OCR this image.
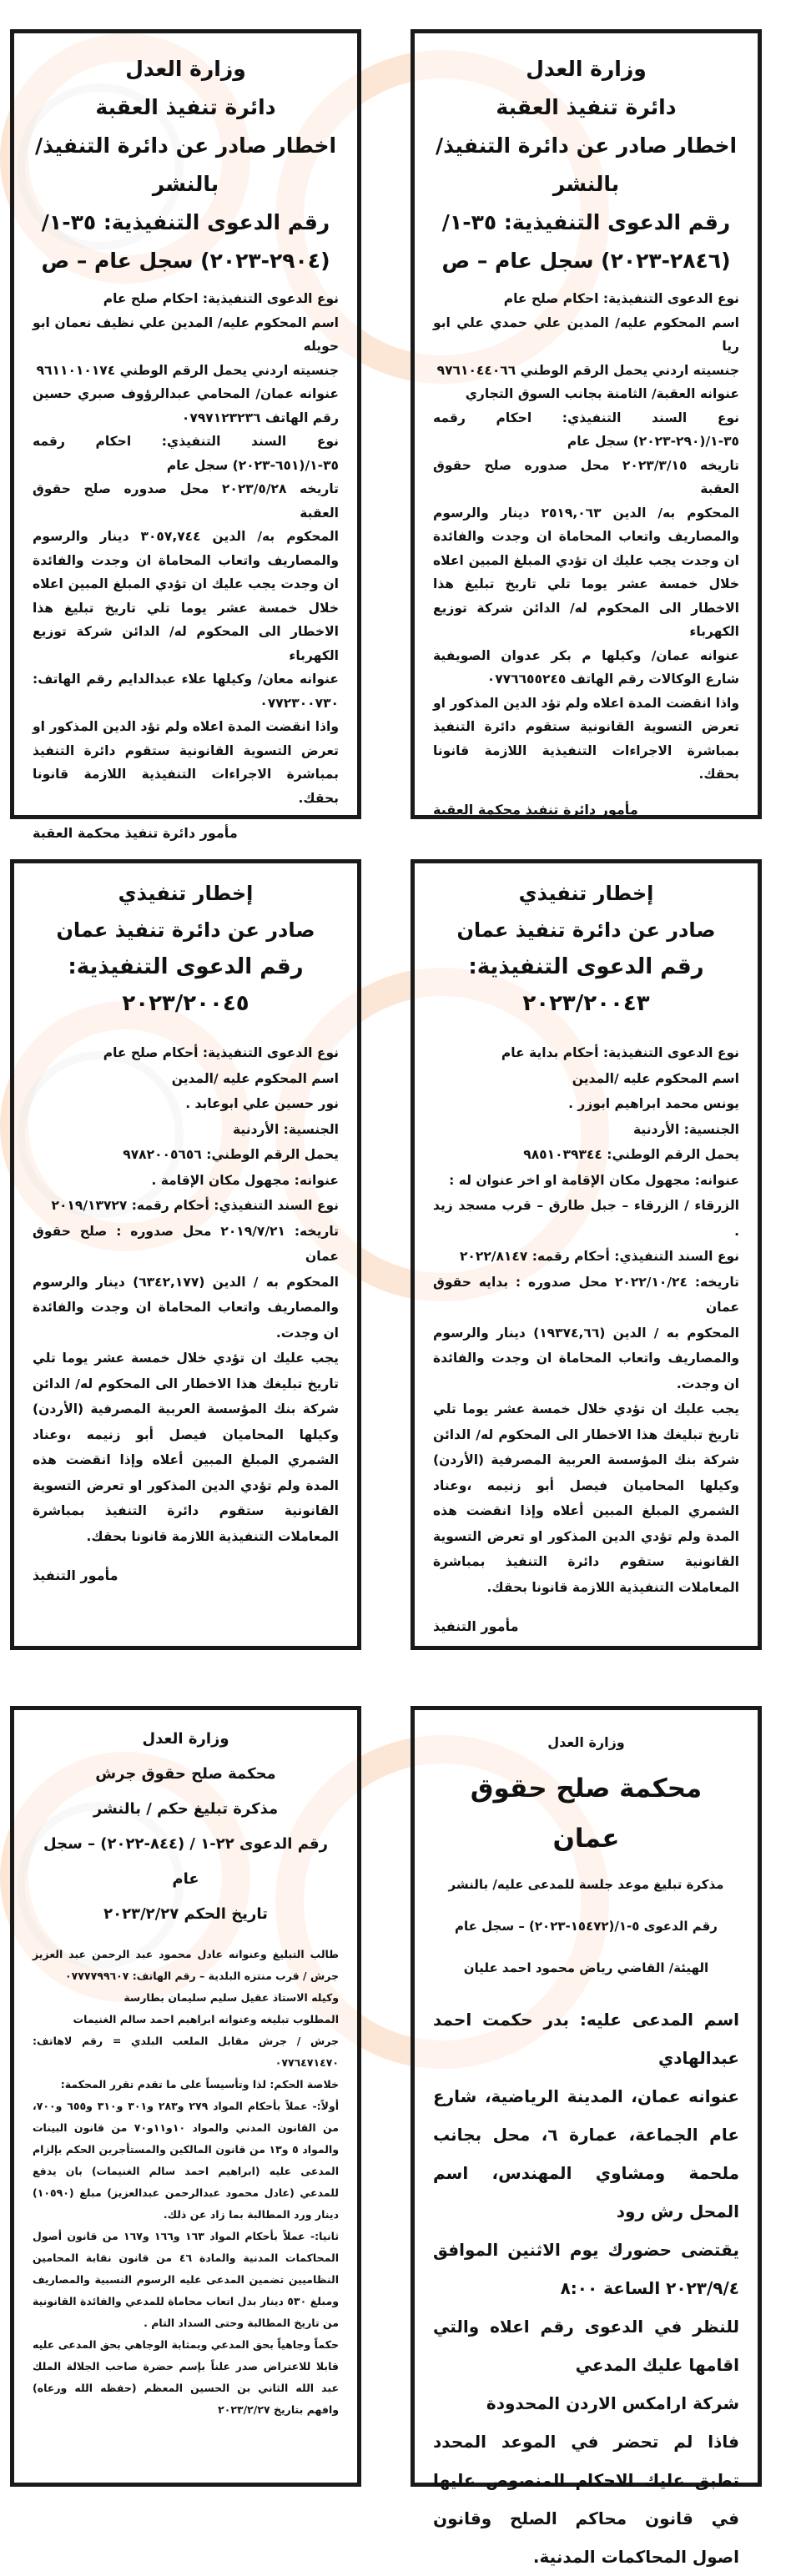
وزارة العدل

دائرة تنفيذ العقبة

اخطار صادر عن دائرة التنفيذ/ بالنشر

رقم الدعوى التنفيذية: ٣٥-١/

(٢٨٤٦-٢٠٢٣) سجل عام – ص

نوع الدعوى التنفيذية: احكام صلح عام

اسم المحكوم عليه/ المدين علي حمدي علي ابو ريا

جنسيته اردني يحمل الرقم الوطني ٩٧٦١٠٤٤٠٦٦

عنوانه العقبة/ الثامنة بجانب السوق التجاري

نوع السند التنفيذي: احكام رقمه ٣٥-١/(٢٩٠-٢٠٢٣) سجل عام

تاريخه ٢٠٢٣/٣/١٥ محل صدوره صلح حقوق العقبة

المحكوم به/ الدين ٢٥١٩,٠٦٣ دينار والرسوم والمصاريف واتعاب المحاماة ان وجدت والفائدة ان وجدت يجب عليك ان تؤدي المبلغ المبين اعلاه خلال خمسة عشر يوما تلي تاريخ تبليغ هذا الاخطار الى المحكوم له/ الدائن شركة توزيع الكهرباء

عنوانه عمان/ وكيلها م بكر عدوان الصويفية شارع الوكالات رقم الهاتف ٠٧٧٦٦٥٥٢٤٥

واذا انقضت المدة اعلاه ولم تؤد الدين المذكور او تعرض التسوية القانونية ستقوم دائرة التنفيذ بمباشرة الاجراءات التنفيذية اللازمة قانونا بحقك.

مأمور دائرة تنفيذ محكمة العقبة

وزارة العدل

دائرة تنفيذ العقبة

اخطار صادر عن دائرة التنفيذ/ بالنشر

رقم الدعوى التنفيذية: ٣٥-١/

(٢٩٠٤-٢٠٢٣) سجل عام – ص

نوع الدعوى التنفيذية: احكام صلح عام

اسم المحكوم عليه/ المدين علي نظيف نعمان ابو حويله

جنسيته اردني يحمل الرقم الوطني ٩٦١١٠١٠١٧٤

عنوانه عمان/ المحامي عبدالرؤوف صبري حسين رقم الهاتف ٠٧٩٧١٢٣٢٣٦

نوع السند التنفيذي: احكام رقمه ٣٥-١/(٦٥١-٢٠٢٣) سجل عام

تاريخه ٢٠٢٣/٥/٢٨ محل صدوره صلح حقوق العقبة

المحكوم به/ الدين ٣٠٥٧,٧٤٤ دينار والرسوم والمصاريف واتعاب المحاماة ان وجدت والفائدة ان وجدت يجب عليك ان تؤدي المبلغ المبين اعلاه خلال خمسة عشر يوما تلي تاريخ تبليغ هذا الاخطار الى المحكوم له/ الدائن شركة توزيع الكهرباء

عنوانه معان/ وكيلها علاء عبدالدايم رقم الهاتف: ٠٧٧٢٣٠٠٧٣٠

واذا انقضت المدة اعلاه ولم تؤد الدين المذكور او تعرض التسوية القانونية ستقوم دائرة التنفيذ بمباشرة الاجراءات التنفيذية اللازمة قانونا بحقك.

مأمور دائرة تنفيذ محكمة العقبة

إخطار تنفيذي

صادر عن دائرة تنفيذ عمان

رقم الدعوى التنفيذية: ٢٠٢٣/٢٠٠٤٣

نوع الدعوى التنفيذية: أحكام بداية عام

اسم المحكوم عليه /المدين

يونس محمد ابراهيم ابوزر .

الجنسية: الأردنية

يحمل الرقم الوطني: ٩٨٥١٠٣٩٣٤٤

عنوانه: مجهول مكان الإقامة او اخر عنوان له :

الزرقاء / الزرقاء – جبل طارق – قرب مسجد زيد .

نوع السند التنفيذي: أحكام رقمه: ٢٠٢٢/٨١٤٧

تاريخه: ٢٠٢٢/١٠/٢٤ محل صدوره : بدايه حقوق عمان

المحكوم به / الدين (١٩٣٧٤,٦٦) دينار والرسوم والمصاريف واتعاب المحاماة ان وجدت والفائدة ان وجدت.

يجب عليك ان تؤدي خلال خمسة عشر يوما تلي تاريخ تبليغك هذا الاخطار الى المحكوم له/ الدائن شركة بنك المؤسسة العربية المصرفية (الأردن) وكيلها المحاميان فيصل أبو زنيمه ،وعناد الشمري المبلغ المبين أعلاه وإذا انقضت هذه المدة ولم تؤدي الدين المذكور او تعرض التسوية القانونية ستقوم دائرة التنفيذ بمباشرة المعاملات التنفيذية اللازمة قانونا بحقك.

مأمور التنفيذ

إخطار تنفيذي

صادر عن دائرة تنفيذ عمان

رقم الدعوى التنفيذية: ٢٠٢٣/٢٠٠٤٥

نوع الدعوى التنفيذية: أحكام صلح عام

اسم المحكوم عليه /المدين

نور حسين علي ابوعابد .

الجنسية: الأردنية

يحمل الرقم الوطني: ٩٧٨٢٠٠٥٦٥٦

عنوانه: مجهول مكان الإقامة .

نوع السند التنفيذي: أحكام رقمه: ٢٠١٩/١٣٧٢٧

تاريخه: ٢٠١٩/٧/٢١ محل صدوره : صلح حقوق عمان

المحكوم به / الدين (٦٣٤٢,١٧٧) دينار والرسوم والمصاريف واتعاب المحاماة ان وجدت والفائدة ان وجدت.

يجب عليك ان تؤدي خلال خمسة عشر يوما تلي تاريخ تبليغك هذا الاخطار الى المحكوم له/ الدائن شركة بنك المؤسسة العربية المصرفية (الأردن) وكيلها المحاميان فيصل أبو زنيمه ،وعناد الشمري المبلغ المبين أعلاه وإذا انقضت هذه المدة ولم تؤدي الدين المذكور او تعرض التسوية القانونية ستقوم دائرة التنفيذ بمباشرة المعاملات التنفيذية اللازمة قانونا بحقك.

مأمور التنفيذ

وزارة العدل

محكمة صلح حقوق عمان

مذكرة تبليغ موعد جلسة للمدعى عليه/ بالنشر

رقم الدعوى ٥-١/(١٥٤٧٢-٢٠٢٣) – سجل عام

الهيئة/ القاضي رياض محمود احمد عليان

اسم المدعى عليه: بدر حكمت احمد عبدالهادي

عنوانه عمان، المدينة الرياضية، شارع عام الجماعة، عمارة ٦، محل بجانب ملحمة ومشاوي المهندس، اسم المحل رش رود

يقتضى حضورك يوم الاثنين الموافق ٢٠٢٣/٩/٤ الساعة ٨:٠٠

للنظر في الدعوى رقم اعلاه والتي اقامها عليك المدعي

شركة ارامكس الاردن المحدودة

فاذا لم تحضر في الموعد المحدد تطبق عليك الاحكام المنصوص عليها في قانون محاكم الصلح وقانون اصول المحاكمات المدنية.

وزارة العدل

محكمة صلح حقوق جرش

مذكرة تبليغ حكم / بالنشر

رقم الدعوى ٢٢-١ / (٨٤٤-٢٠٢٢) – سجل عام

تاريخ الحكم ٢٠٢٣/٢/٢٧

طالب التبليغ وعنوانه عادل محمود عبد الرحمن عبد العزيز جرش / قرب منتزه البلدية – رقم الهاتف: ٠٧٧٧٧٩٩٦٠٧

وكيله الاستاذ عقيل سليم سليمان بطارسة

المطلوب تبليغه وعنوانه ابراهيم احمد سالم الغنيمات

جرش / جرش مقابل الملعب البلدي = رقم لاهاتف: ٠٧٧٦٤٧١٤٧٠

خلاصة الحكم: لذا وتأسيساً على ما تقدم تقرر المحكمة:

أولاً:- عملاً بأحكام المواد ٢٧٩ و٢٨٣ و٣٠١ و٣١٠ و٦٥٥ و٧٠٠، من القانون المدني والمواد ١٠و١١و٧٠ من قانون البينات والمواد ٥ و١٣ من قانون المالكين والمستأجرين الحكم بإلزام المدعى عليه (ابراهيم احمد سالم الغنيمات) بان يدفع للمدعي (عادل محمود عبدالرحمن عبدالعزيز) مبلغ (١٠٥٩٠) دينار ورد المطالبة بما زاد عن ذلك.

ثانيا:- عملاً بأحكام المواد ١٦٣ و١٦٦ و١٦٧ من قانون أصول المحاكمات المدنية والمادة ٤٦ من قانون نقابة المحامين النظاميين تضمين المدعى عليه الرسوم النسبية والمصاريف ومبلغ ٥٣٠ دينار بدل اتعاب محاماة للمدعي والفائدة القانونية من تاريخ المطالبة وحتى السداد التام .

حكماً وجاهياً بحق المدعي وبمثابة الوجاهي بحق المدعى عليه قابلا للاعتراض صدر علناً بإسم حضرة صاحب الجلالة الملك عبد الله الثاني بن الحسين المعظم (حفظه الله ورعاه) وافهم بتاريخ ٢٠٢٣/٢/٢٧
